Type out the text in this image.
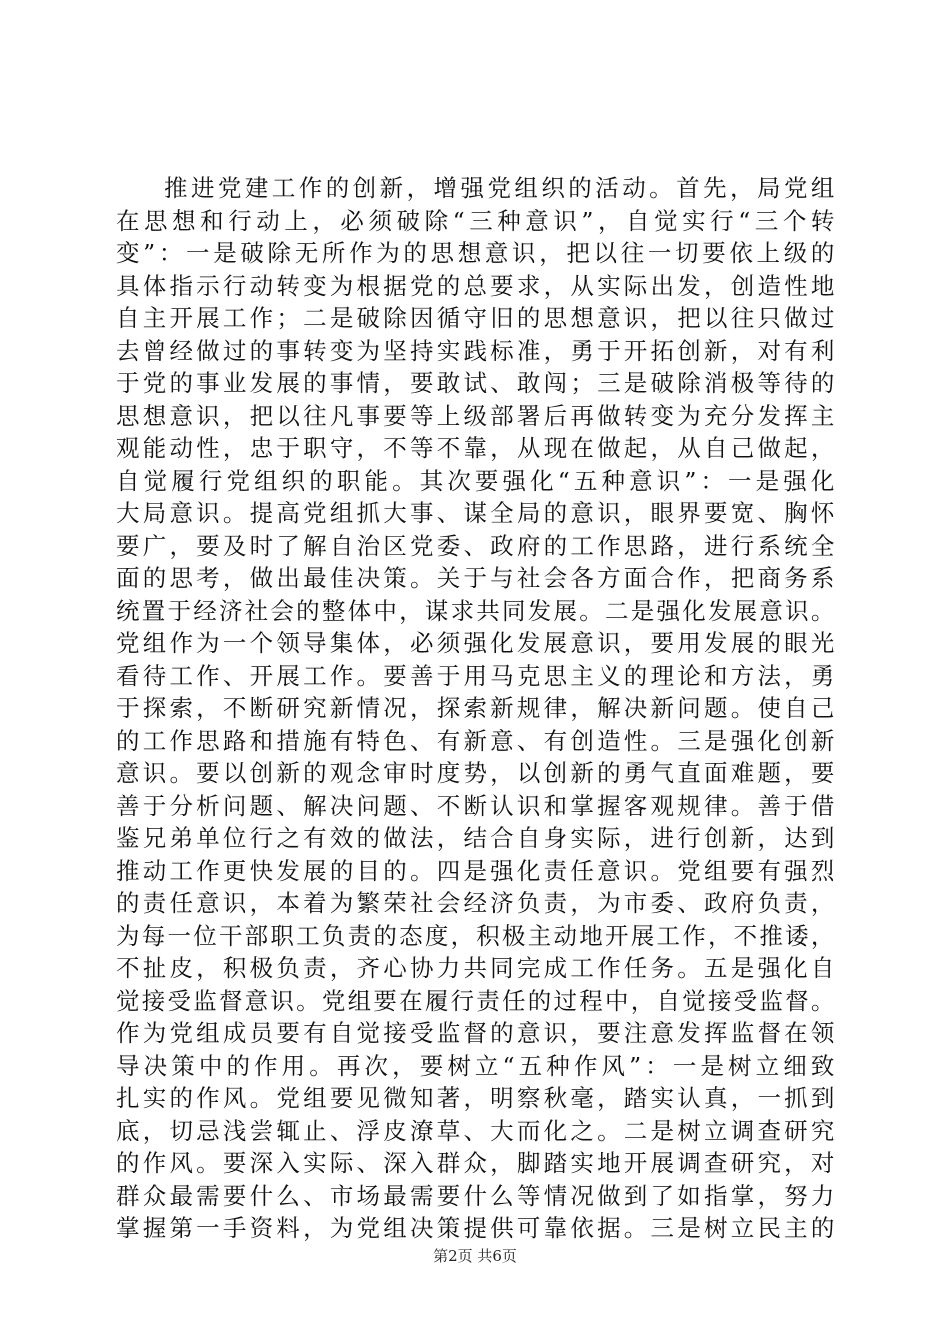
推进党建工作的创新，增强党组织的活动。首先，局党组
在思想和行动上，必须破除“三种意识”，自觉实行“三个转
变”：一是破除无所作为的思想意识，把以往一切要依上级的
具体指示行动转变为根据党的总要求，从实际出发，创造性地
自主开展工作；二是破除因循守旧的思想意识，把以往只做过
去曾经做过的事转变为坚持实践标准，勇于开拓创新，对有利
于党的事业发展的事情，要敢试、敢闯；三是破除消极等待的
思想意识，把以往凡事要等上级部署后再做转变为充分发挥主
观能动性，忠于职守，不等不靠，从现在做起，从自己做起，
自觉履行党组织的职能。其次要强化“五种意识”：一是强化
大局意识。提高党组抓大事、谋全局的意识，眼界要宽、胸怀
要广，要及时了解自治区党委、政府的工作思路，进行系统全
面的思考，做出最佳决策。关于与社会各方面合作，把商务系
统置于经济社会的整体中，谋求共同发展。二是强化发展意识。
党组作为一个领导集体，必须强化发展意识，要用发展的眼光
看待工作、开展工作。要善于用马克思主义的理论和方法，勇
于探索，不断研究新情况，探索新规律，解决新问题。使自己
的工作思路和措施有特色、有新意、有创造性。三是强化创新
意识。要以创新的观念审时度势，以创新的勇气直面难题，要
善于分析问题、解决问题、不断认识和掌握客观规律。善于借
鉴兄弟单位行之有效的做法，结合自身实际，进行创新，达到
推动工作更快发展的目的。四是强化责任意识。党组要有强烈
的责任意识，本着为繁荣社会经济负责，为市委、政府负责，
为每一位干部职工负责的态度，积极主动地开展工作，不推诿，
不扯皮，积极负责，齐心协力共同完成工作任务。五是强化自
觉接受监督意识。党组要在履行责任的过程中，自觉接受监督。
作为党组成员要有自觉接受监督的意识，要注意发挥监督在领
导决策中的作用。再次，要树立“五种作风”：一是树立细致
扎实的作风。党组要见微知著，明察秋毫，踏实认真，一抓到
底，切忌浅尝辄止、浮皮潦草、大而化之。二是树立调查研究
的作风。要深入实际、深入群众，脚踏实地开展调查研究，对
群众最需要什么、市场最需要什么等情况做到了如指掌，努力
掌握第一手资料，为党组决策提供可靠依据。三是树立民主的
第2页 共6页
